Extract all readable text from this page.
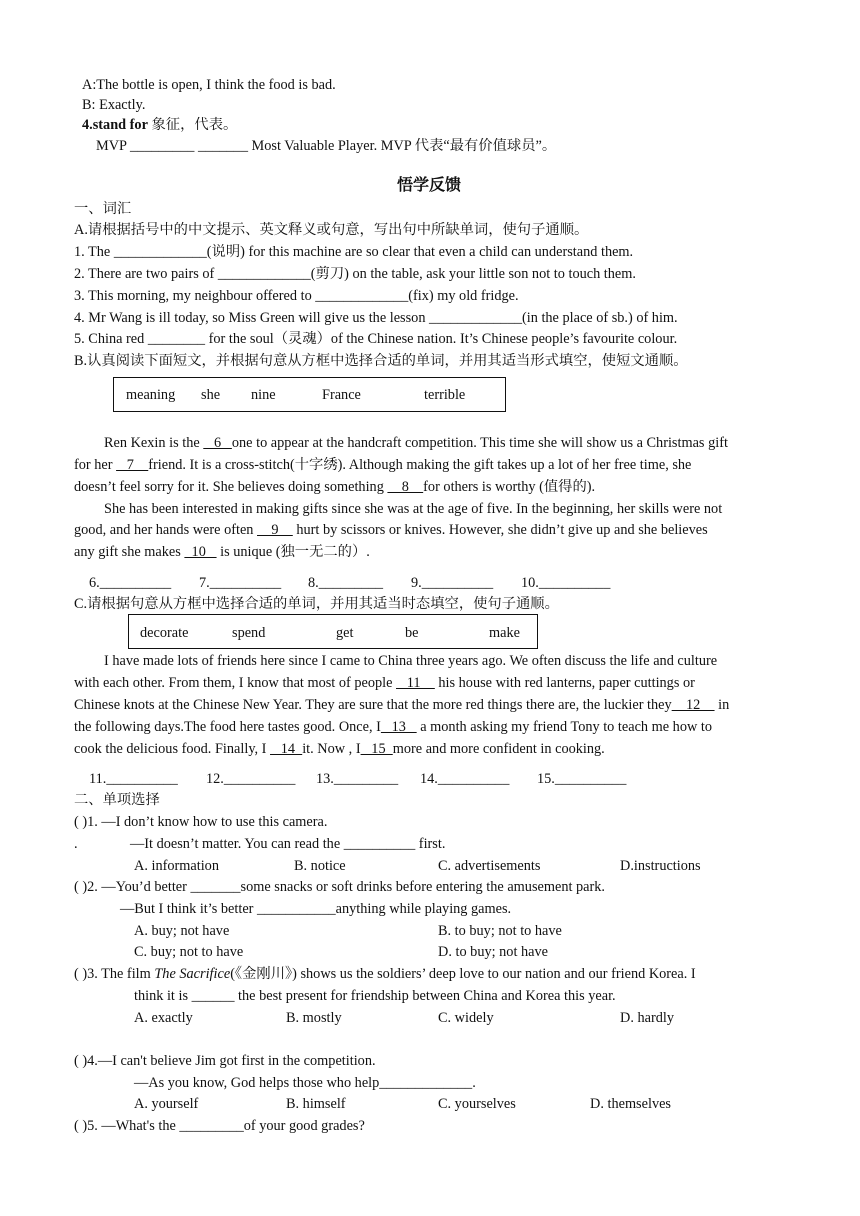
A:The bottle is open, I think the food is bad.
B: Exactly.
4.stand for 象征，代表。
MVP _________ _______ Most Valuable Player. MVP 代表“最有价值球员”。
悟学反馈
一、词汇
A.请根据括号中的中文提示、英文释义或句意，写出句中所缺单词，使句子通顺。
1. The _____________(说明) for this machine are so clear that even a child can understand them.
2. There are two pairs of _____________(剪刀) on the table, ask your little son not to touch them.
3. This morning, my neighbour offered to _____________(fix) my old fridge.
4. Mr Wang is ill today, so Miss Green will give us the lesson _____________(in the place of sb.) of him.
5. China red ________ for the soul（灵魂）of the Chinese nation. It’s Chinese people’s favourite colour.
B.认真阅读下面短文，并根据句意从方框中选择合适的单词，并用其适当形式填空，使短文通顺。
meaning she nine	France	terrible
Ren Kexin is the    6   one to appear at the handcraft competition. This time she will show us a Christmas gift
for her    7    friend. It is a cross-stitch(十字绣). Although making the gift takes up a lot of her free time, she
doesn’t feel sorry for it. She believes doing something     8    for others is worthy (值得的).
She has been interested in making gifts since she was at the age of five. In the beginning, her skills were not
good, and her hands were often     9     hurt by scissors or knives. However, she didn’t give up and she believes
any gift she makes   10    is unique (独一无二的）.
6.__________ 7.__________ 8._________ 9.__________ 10.__________
C.请根据句意从方框中选择合适的单词，并用其适当时态填空，使句子通顺。
decorate	spend	get	be	make
I have made lots of friends here since I came to China three years ago. We often discuss the life and culture
with each other. From them, I know that most of people    11     his house with red lanterns, paper cuttings or
Chinese knots at the Chinese New Year. They are sure that the more red things there are, the luckier they    12     in
the following days.The food here tastes good. Once, I   13    a month asking my friend Tony to teach me how to
cook the delicious food. Finally, I    14  it. Now , I   15  more and more confident in cooking.
11.__________ 12.__________ 13._________ 14.__________ 15.__________
二、单项选择
( )1. —I don’t know how to use this camera.
.	—It doesn’t matter. You can read the __________ first.
A. information	B. notice	C. advertisements	D.instructions
( )2. —You’d better _______some snacks or soft drinks before entering the amusement park.
—But I think it’s better ___________anything while playing games.
A. buy; not have	B. to buy; not to have
C. buy; not to have	D. to buy; not have
( )3. The film The Sacrifice(《金刚川》) shows us the soldiers’ deep love to our nation and our friend Korea. I
think it is ______ the best present for friendship between China and Korea this year.
A. exactly	B. mostly	C. widely	D. hardly
( )4.—I can't believe Jim got first in the competition.
—As you know, God helps those who help_____________.
A. yourself	B. himself	C. yourselves	D. themselves
( )5. —What's the _________of your good grades?
